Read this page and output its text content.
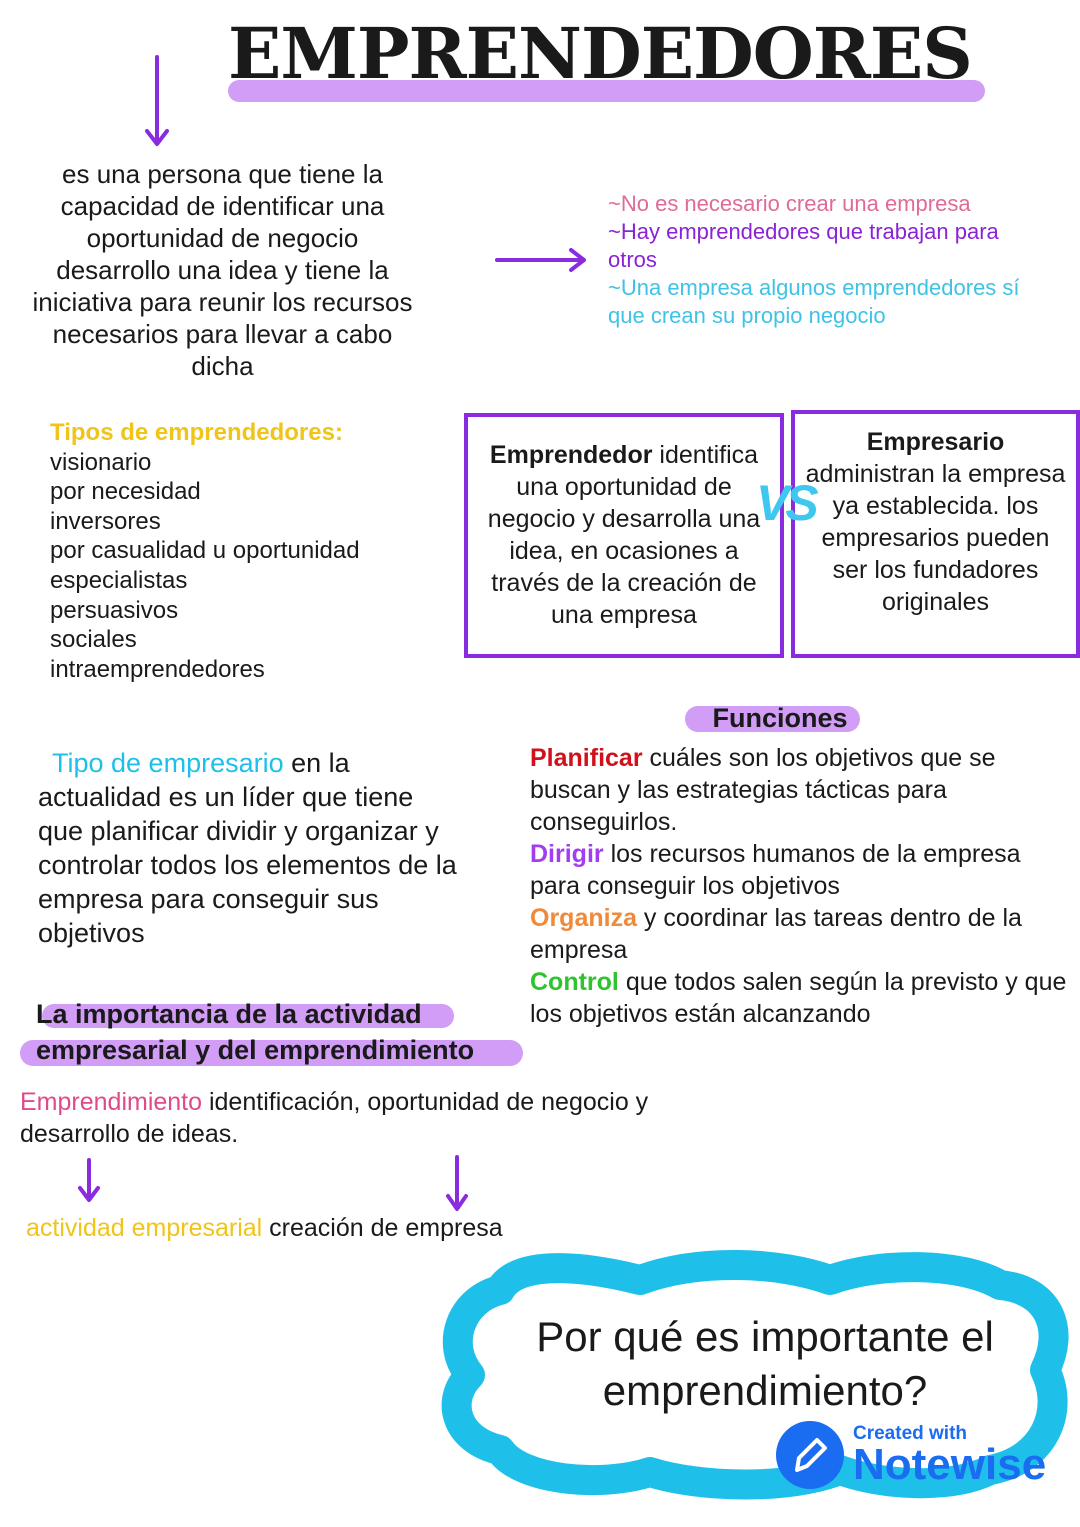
EMPRENDEDORES
es una persona que tiene la capacidad de identificar una oportunidad de negocio desarrollo una idea y tiene la iniciativa para reunir los recursos necesarios para llevar a cabo dicha
~No es necesario crear una empresa
~Hay emprendedores que trabajan para otros
~Una empresa algunos emprendedores sí que crean su propio negocio
Tipos de emprendedores:
visionario
por necesidad
inversores
por casualidad u oportunidad
especialistas
persuasivos
sociales
intraemprendedores
Emprendedor identifica una oportunidad de negocio y desarrolla una idea, en ocasiones a través de la creación de una empresa
VS
Empresario
administran la empresa ya establecida. los empresarios pueden ser los fundadores originales
Funciones
Planificar cuáles son los objetivos que se buscan y las estrategias tácticas para conseguirlos.
Dirigir los recursos humanos de la empresa para conseguir los objetivos
Organiza y coordinar las tareas dentro de la empresa
Control que todos salen según la previsto y que los objetivos están alcanzando
Tipo de empresario en la actualidad es un líder que tiene que planificar dividir y organizar y controlar todos los elementos de la empresa para conseguir sus objetivos
La importancia de la actividad
empresarial y del emprendimiento
Emprendimiento identificación, oportunidad de negocio y desarrollo de ideas.
actividad empresarial creación de empresa
Por qué es importante el
emprendimiento?
Created with
Notewise
